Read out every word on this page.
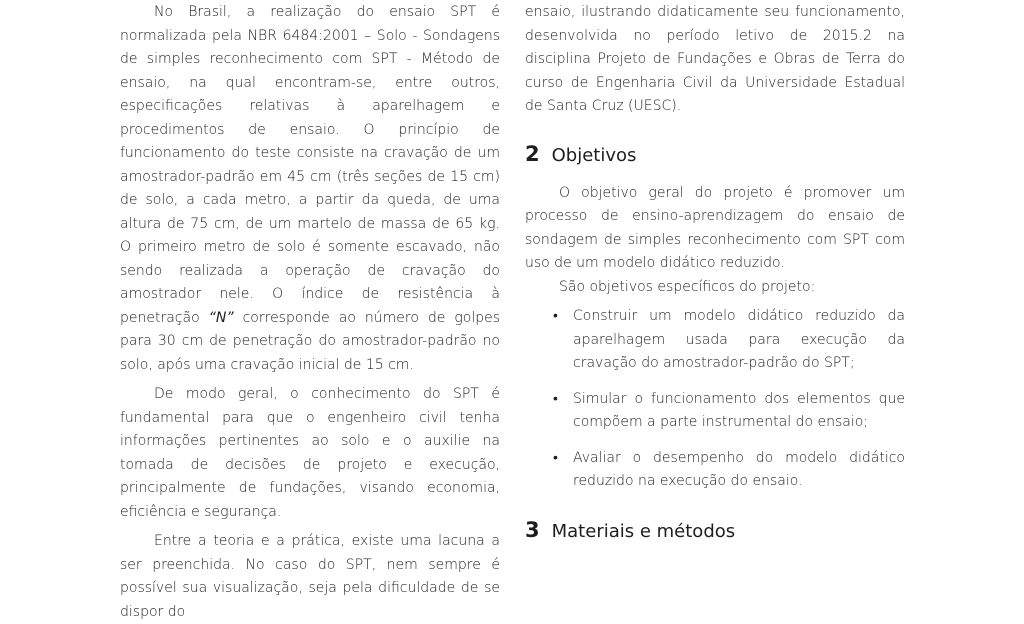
No Brasil, a realização do ensaio SPT é normalizada pela NBR 6484:2001 – Solo - Sondagens de simples reconhecimento com SPT - Método de ensaio, na qual encontram-se, entre outros, especificações relativas à aparelhagem e procedimentos de ensaio. O princípio de funcionamento do teste consiste na cravação de um amostrador-padrão em 45 cm (três seções de 15 cm) de solo, a cada metro, a partir da queda, de uma altura de 75 cm, de um martelo de massa de 65 kg. O primeiro metro de solo é somente escavado, não sendo realizada a operação de cravação do amostrador nele. O índice de resistência à penetração “N” corresponde ao número de golpes para 30 cm de penetração do amostrador-padrão no solo, após uma cravação inicial de 15 cm.

De modo geral, o conhecimento do SPT é fundamental para que o engenheiro civil tenha informações pertinentes ao solo e o auxilie na tomada de decisões de projeto e execução, principalmente de fundações, visando economia, eficiência e segurança.

Entre a teoria e a prática, existe uma lacuna a ser preenchida. No caso do SPT, nem sempre é possível sua visualização, seja pela dificuldade de se dispor do

ensaio, ilustrando didaticamente seu funcionamento, desenvolvida no período letivo de 2015.2 na disciplina Projeto de Fundações e Obras de Terra do curso de Engenharia Civil da Universidade Estadual de Santa Cruz (UESC).

2 Objetivos

O objetivo geral do projeto é promover um processo de ensino-aprendizagem do ensaio de sondagem de simples reconhecimento com SPT com uso de um modelo didático reduzido.

São objetivos específicos do projeto:

• Construir um modelo didático reduzido da aparelhagem usada para execução da cravação do amostrador-padrão do SPT;
• Simular o funcionamento dos elementos que compõem a parte instrumental do ensaio;
• Avaliar o desempenho do modelo didático reduzido na execução do ensaio.
3 Materiais e métodos
